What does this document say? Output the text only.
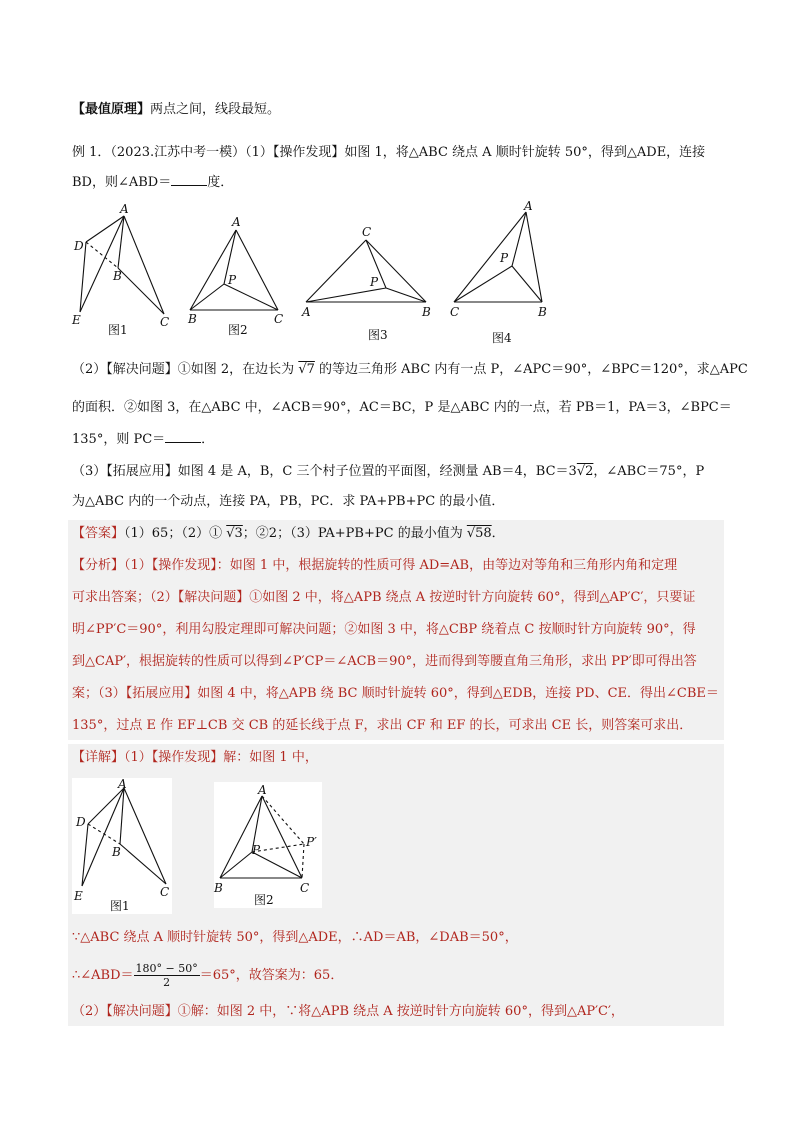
【最值原理】两点之间，线段最短。
例 1．（2023.江苏中考一模）（1）【操作发现】如图 1，将△ABC 绕点 A 顺时针旋转 50°，得到△ADE，连接
BD，则∠ABD＝	度．
A
D
B
E	C
图1
A
P
B	C
图2
C
P
A	B
图3
A
P
C	B
图4
（2）【解决问题】①如图 2，在边长为 √7 的等边三角形 ABC 内有一点 P，∠APC＝90°，∠BPC＝120°，求△APC
的面积．②如图 3，在△ABC 中，∠ACB＝90°，AC＝BC，P 是△ABC 内的一点，若 PB＝1，PA＝3，∠BPC＝
135°，则 PC＝	．
（3）【拓展应用】如图 4 是 A，B，C 三个村子位置的平面图，经测量 AB＝4，BC＝3√2，∠ABC＝75°，P
为△ABC 内的一个动点，连接 PA，PB，PC．求 PA+PB+PC 的最小值．
【答案】（1）65；（2）① √3；②2；（3）PA+PB+PC 的最小值为 √58．
【分析】（1）【操作发现】：如图 1 中，根据旋转的性质可得 AD=AB，由等边对等角和三角形内角和定理
可求出答案；（2）【解决问题】①如图 2 中，将△APB 绕点 A 按逆时针方向旋转 60°，得到△AP′C′，只要证
明∠PP′C＝90°，利用勾股定理即可解决问题；②如图 3 中，将△CBP 绕着点 C 按顺时针方向旋转 90°，得
到△CAP′，根据旋转的性质可以得到∠P′CP＝∠ACB＝90°，进而得到等腰直角三角形，求出 PP′即可得出答
案；（3）【拓展应用】如图 4 中，将△APB 绕 BC 顺时针旋转 60°，得到△EDB，连接 PD、CE．得出∠CBE＝
135°，过点 E 作 EF⊥CB 交 CB 的延长线于点 F，求出 CF 和 EF 的长，可求出 CE 长，则答案可求出．
【详解】（1）【操作发现】解：如图 1 中，
A
D
B
E	C
图1
A
P
P′
B	C
图2
∵△ABC 绕点 A 顺时针旋转 50°，得到△ADE，∴AD＝AB，∠DAB＝50°，
∴∠ABD＝ $\frac{180^\circ - 50^\circ}{2} =65^\circ$，故答案为：65．
（2）【解决问题】①解：如图 2 中，∵将△APB 绕点 A 按逆时针方向旋转 60°，得到△AP′C′，
